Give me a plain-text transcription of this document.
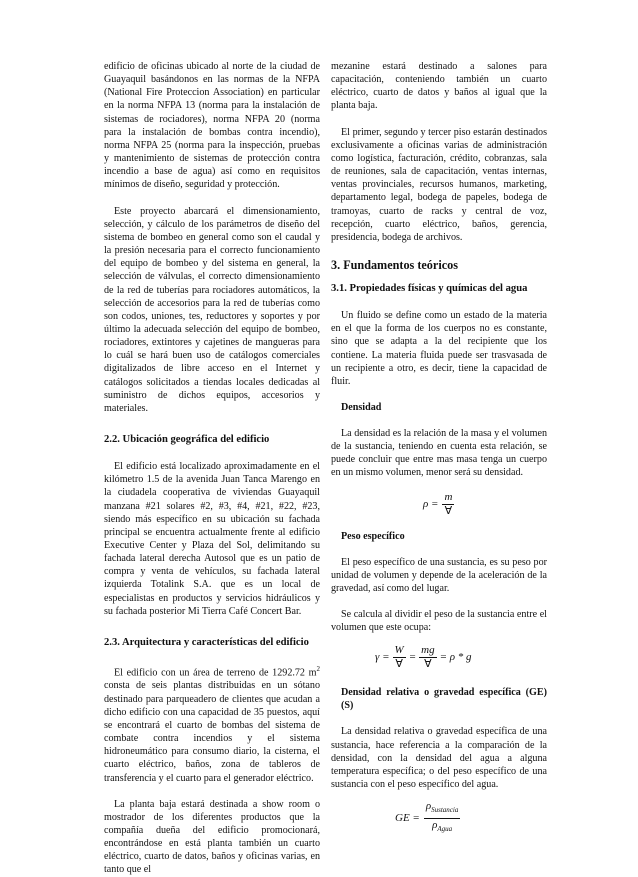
edificio de oficinas ubicado al norte de la ciudad de Guayaquil basándonos en las normas de la NFPA (National Fire Proteccion Association) en particular en la norma NFPA 13 (norma para la instalación de sistemas de rociadores), norma NFPA 20 (norma para la instalación de bombas contra incendio), norma NFPA 25 (norma para la inspección, pruebas y mantenimiento de sistemas de protección contra incendio a base de agua) así como en requisitos mínimos de diseño, seguridad y protección.

Este proyecto abarcará el dimensionamiento, selección, y cálculo de los parámetros de diseño del sistema de bombeo en general como son el caudal y la presión necesaria para el correcto funcionamiento del equipo de bombeo y del sistema en general, la selección de válvulas, el correcto dimensionamiento de la red de tuberías para rociadores automáticos, la selección de accesorios para la red de tuberías como son codos, uniones, tes, reductores y soportes y por último la adecuada selección del equipo de bombeo, rociadores, extintores y cajetines de mangueras para lo cuál se hará buen uso de catálogos comerciales digitalizados de libre acceso en el Internet y catálogos solicitados a tiendas locales dedicadas al suministro de dichos equipos, accesorios y materiales.

2.2. Ubicación geográfica del edificio

El edificio está localizado aproximadamente en el kilómetro 1.5 de la avenida Juan Tanca Marengo en la ciudadela cooperativa de viviendas Guayaquil manzana #21 solares #2, #3, #4, #21, #22, #23, siendo más específico en su ubicación su fachada principal se encuentra actualmente frente al edificio Executive Center y Plaza del Sol, delimitando su fachada lateral derecha Autosol que es un patio de compra y venta de vehículos, su fachada lateral izquierda Totalink S.A. que es un local de especialistas en productos y servicios hidráulicos y su fachada posterior Mi Tierra Café Concert Bar.

2.3. Arquitectura y características del edificio

El edificio con un área de terreno de 1292.72 $m^2$ consta de seis plantas distribuidas en un sótano destinado para parqueadero de clientes que acudan a dicho edificio con una capacidad de 35 puestos, aquí se encontrará el cuarto de bombas del sistema de combate contra incendios y el sistema hidroneumático para consumo diario, la cisterna, el cuarto eléctrico, baños, zona de tableros de transferencia y el cuarto para el generador eléctrico.

La planta baja estará destinada a show room o mostrador de los diferentes productos que la compañía dueña del edificio promocionará, encontrándose en está planta también un cuarto eléctrico, cuarto de datos, baños y oficinas varias, en tanto que el

mezanine estará destinado a salones para capacitación, conteniendo también un cuarto eléctrico, cuarto de datos y baños al igual que la planta baja.

El primer, segundo y tercer piso estarán destinados exclusivamente a oficinas varias de administración como logística, facturación, crédito, cobranzas, sala de reuniones, sala de capacitación, ventas internas, ventas provinciales, recursos humanos, marketing, departamento legal, bodega de papeles, bodega de tramoyas, cuarto de racks y central de voz, recepción, cuarto eléctrico, baños, gerencia, presidencia, bodega de archivos.

3. Fundamentos teóricos
3.1. Propiedades físicas y químicas del agua

Un fluido se define como un estado de la materia en el que la forma de los cuerpos no es constante, sino que se adapta a la del recipiente que los contiene. La materia fluida puede ser trasvasada de un recipiente a otro, es decir, tiene la capacidad de fluir.

Densidad

La densidad es la relación de la masa y el volumen de la sustancia, teniendo en cuenta esta relación, se puede concluir que entre mas masa tenga un cuerpo en un mismo volumen, menor será su densidad.

$\rho = \frac{m}{\forall}$
Peso específico

El peso específico de una sustancia, es su peso por unidad de volumen y depende de la aceleración de la gravedad, así como del lugar.

Se calcula al dividir el peso de la sustancia entre el volumen que este ocupa:

$\gamma = \frac{W}{\forall} = \frac{mg}{\forall} = \rho * g$
Densidad relativa o gravedad específica (GE) (S)

La densidad relativa o gravedad específica de una sustancia, hace referencia a la comparación de la densidad, con la densidad del agua a alguna temperatura específica; o del peso específico de una sustancia con el peso específico del agua.

GE = $\frac{\rho_{Sustancia}}{\rho_{Agua}}$
